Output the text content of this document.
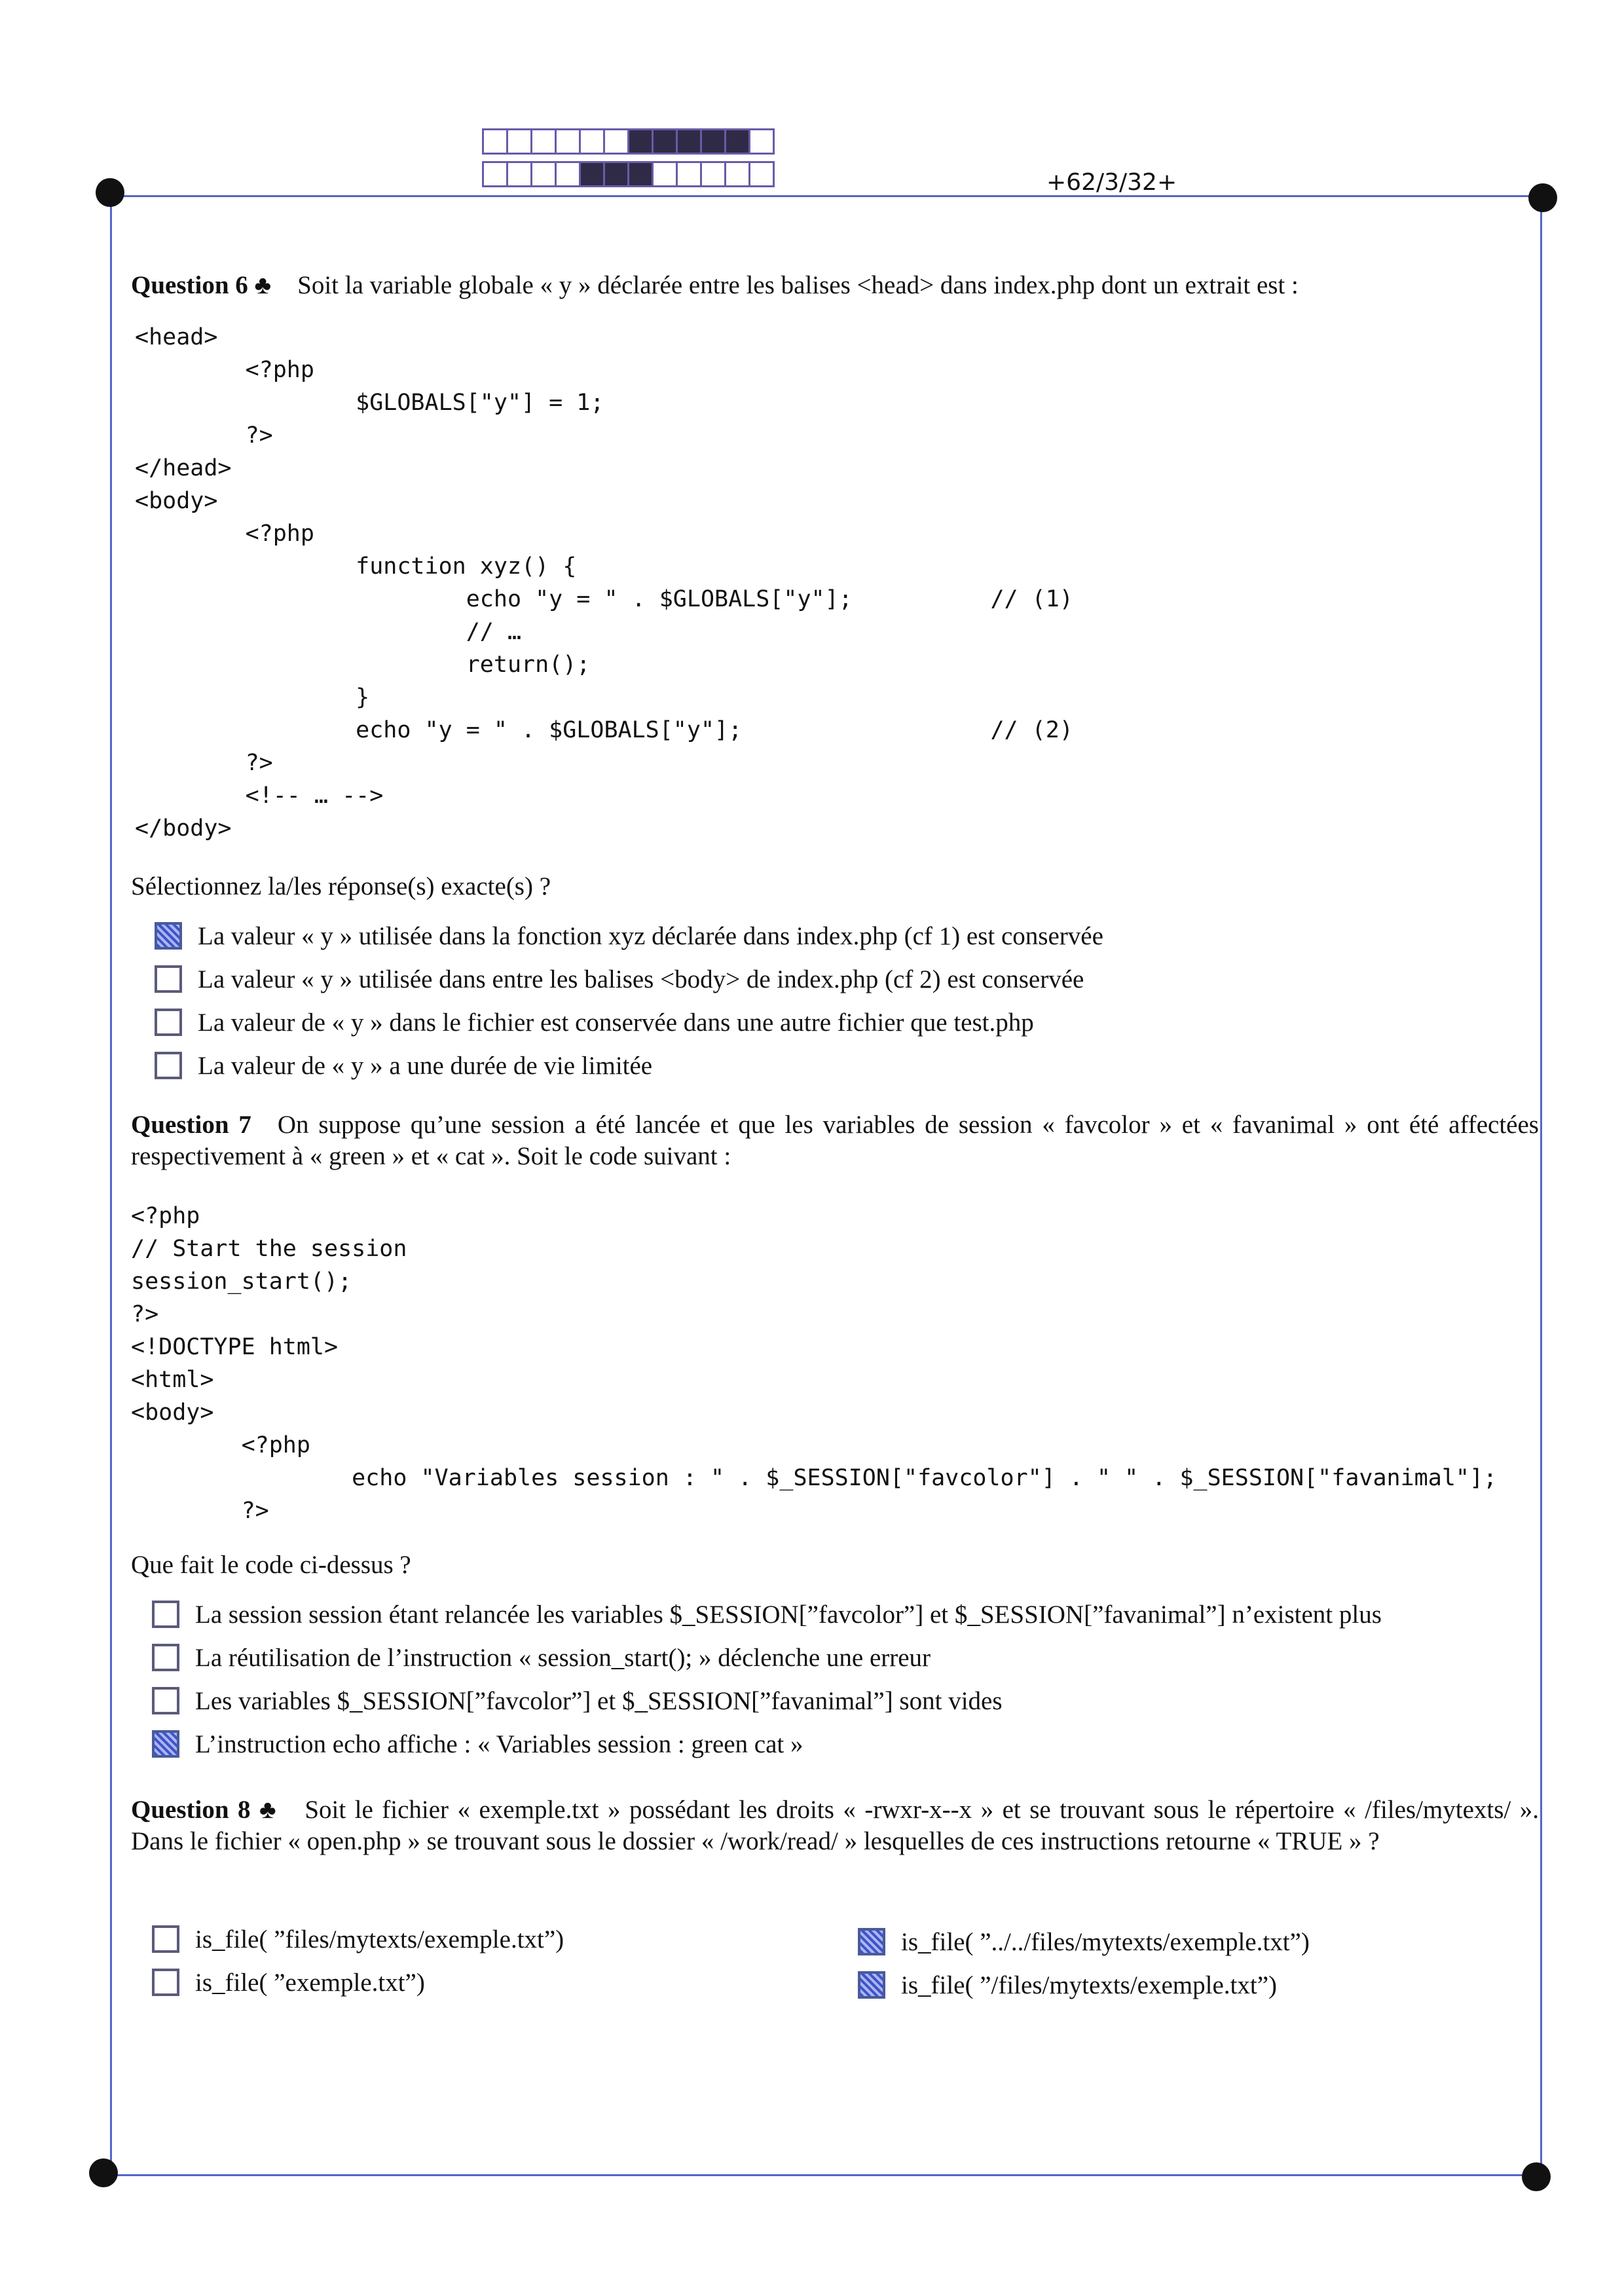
+62/3/32+
Question 6 ♣ Soit la variable globale « y » déclarée entre les balises <head> dans index.php dont un extrait est :
<head>
<?php
$GLOBALS["y"] = 1;
?>
</head>
<body>
<?php
function xyz() {
echo "y = " . $GLOBALS["y"];          // (1)
// …
return();
}
echo "y = " . $GLOBALS["y"];                  // (2)
?>
<!-- … -->
</body>
Sélectionnez la/les réponse(s) exacte(s) ?
La valeur « y » utilisée dans la fonction xyz déclarée dans index.php (cf 1) est conservée
La valeur « y » utilisée dans entre les balises <body> de index.php (cf 2) est conservée
La valeur de « y » dans le fichier est conservée dans une autre fichier que test.php
La valeur de « y » a une durée de vie limitée
Question 7 On suppose qu’une session a été lancée et que les variables de session « favcolor » et « favanimal » ont été affectées respectivement à « green » et « cat ». Soit le code suivant :
<?php
// Start the session
session_start();
?>
<!DOCTYPE html>
<html>
<body>
<?php
echo "Variables session : " . $_SESSION["favcolor"] . " " . $_SESSION["favanimal"];
?>
Que fait le code ci-dessus ?
La session session étant relancée les variables $_SESSION[”favcolor”] et $_SESSION[”favanimal”] n’existent plus
La réutilisation de l’instruction « session_start(); » déclenche une erreur
Les variables $_SESSION[”favcolor”] et $_SESSION[”favanimal”] sont vides
L’instruction echo affiche : « Variables session : green cat »
Question 8 ♣ Soit le fichier « exemple.txt » possédant les droits « -rwxr-x--x » et se trouvant sous le répertoire « /files/mytexts/ ». Dans le fichier « open.php » se trouvant sous le dossier « /work/read/ » lesquelles de ces instructions retourne « TRUE » ?
is_file( ”files/mytexts/exemple.txt”)
is_file( ”exemple.txt”)
is_file( ”../../files/mytexts/exemple.txt”)
is_file( ”/files/mytexts/exemple.txt”)
